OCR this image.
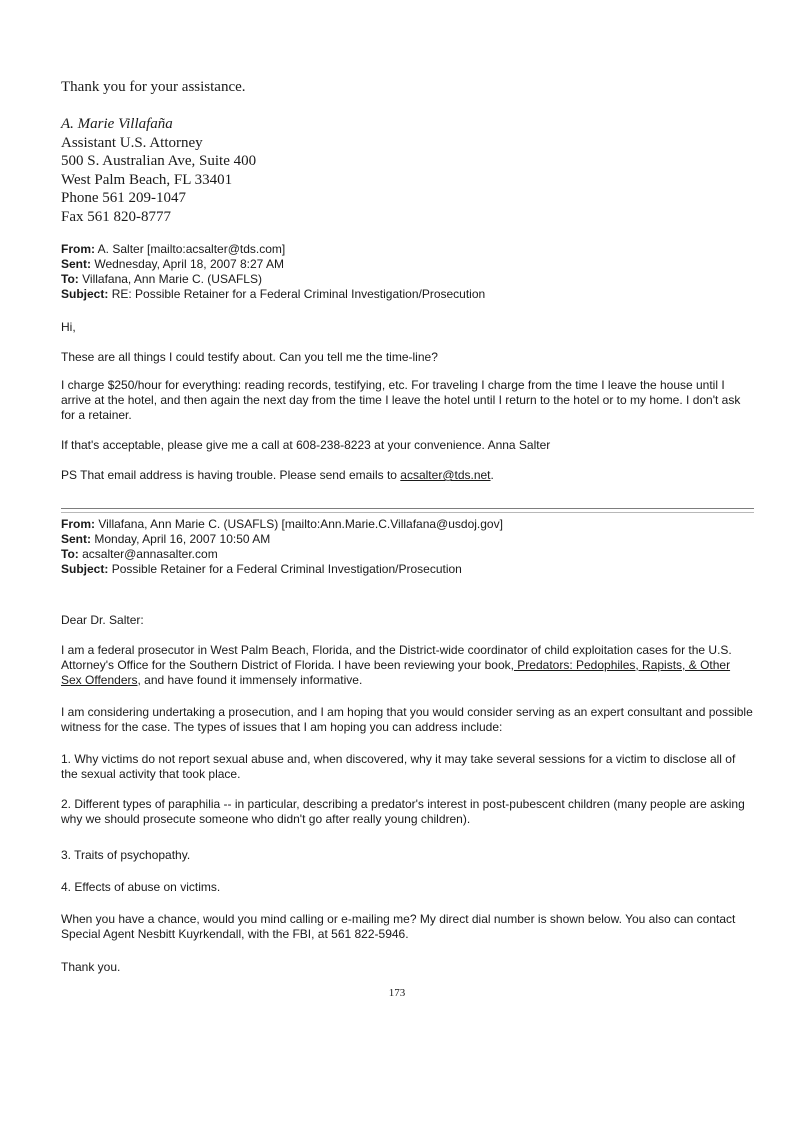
Thank you for your assistance.
A. Marie Villafaña
Assistant U.S. Attorney
500 S. Australian Ave, Suite 400
West Palm Beach, FL 33401
Phone 561 209-1047
Fax 561 820-8777
From: A. Salter [mailto:acsalter@tds.com]
Sent: Wednesday, April 18, 2007 8:27 AM
To: Villafana, Ann Marie C. (USAFLS)
Subject: RE: Possible Retainer for a Federal Criminal Investigation/Prosecution

Hi,

These are all things I could testify about. Can you tell me the time-line?

I charge $250/hour for everything: reading records, testifying, etc. For traveling I charge from the time I leave the house until I arrive at the hotel, and then again the next day from the time I leave the hotel until I return to the hotel or to my home. I don't ask for a retainer.

If that's acceptable, please give me a call at 608-238-8223 at your convenience. Anna Salter

PS That email address is having trouble. Please send emails to acsalter@tds.net.

From: Villafana, Ann Marie C. (USAFLS) [mailto:Ann.Marie.C.Villafana@usdoj.gov]
Sent: Monday, April 16, 2007 10:50 AM
To: acsalter@annasalter.com
Subject: Possible Retainer for a Federal Criminal Investigation/Prosecution

Dear Dr. Salter:

I am a federal prosecutor in West Palm Beach, Florida, and the District-wide coordinator of child exploitation cases for the U.S. Attorney's Office for the Southern District of Florida. I have been reviewing your book, Predators: Pedophiles, Rapists, & Other Sex Offenders, and have found it immensely informative.

I am considering undertaking a prosecution, and I am hoping that you would consider serving as an expert consultant and possible witness for the case. The types of issues that I am hoping you can address include:

1. Why victims do not report sexual abuse and, when discovered, why it may take several sessions for a victim to disclose all of the sexual activity that took place.

2. Different types of paraphilia -- in particular, describing a predator's interest in post-pubescent children (many people are asking why we should prosecute someone who didn't go after really young children).

3. Traits of psychopathy.

4. Effects of abuse on victims.

When you have a chance, would you mind calling or e-mailing me? My direct dial number is shown below. You also can contact Special Agent Nesbitt Kuyrkendall, with the FBI, at 561 822-5946.

Thank you.

173
